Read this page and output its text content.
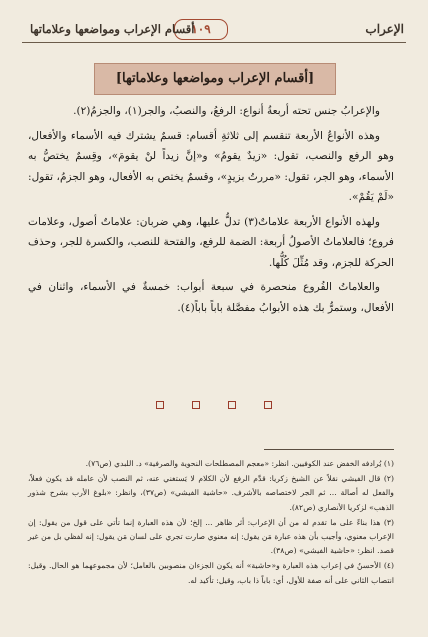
الإعراب
١٠٩
أقسام الإعراب ومواضعها وعلاماتها
[أقسام الإعراب ومواضعها وعلاماتها]

والإعرابُ جنس تحته أربعةُ أنواع: الرفعُ، والنصبُ، والجر(١)، والجزمُ(٢).

وهذه الأنواعُ الأربعة تنقسم إلى ثلاثةِ أقسام: قسمٌ يشترك فيه الأسماء والأفعال، وهو الرفع والنصب، تقول: «زيدٌ يقومُ» و«إنَّ زيداً لنْ يقومَ»، وقِسمٌ يختصُّ به الأسماء، وهو الجر، تقول: «مررتُ بزيدٍ»، وقسمٌ يختص به الأفعال، وهو الجزمُ، تقول: «لَمْ يَقُمْ».

ولهذه الأنواع الأربعة علاماتٌ(٣) تدلُّ عليها، وهي ضربان: علاماتٌ أصول، وعلامات فروع؛ فالعلاماتُ الأصولُ أربعة: الضمة للرفع، والفتحة للنصب، والكسرة للجر، وحذف الحركة للجزم، وقد مُثِّلَ كُلُّها.

والعلاماتُ الفُروع منحصرة في سبعة أبواب: خمسةٌ في الأسماء، واثنان في الأفعال، وستمرُّ بك هذه الأبوابُ مفصَّلة باباً باباً(٤).

(١) يُرادفه الخفض عند الكوفيين. انظر: «معجم المصطلحات النحوية والصرفية» د. اللبدي (ص٧٦).

(٢) قال الفيشي نقلاً عن الشيخ زكريا: قدَّم الرفع لأن الكلام لا يَستغني عنه، ثم النصب لأن عامله قد يكون فعلاً، والفعل له أصالة ... ثم الجر لاختصاصه بالأشرف. «حاشية الفيشي» (ص٣٧)، وانظر: «بلوغ الأرب بشرح شذور الذهب» لزكريا الأنصاري (ص٨٢).

(٣) هذا بناءً على ما تقدم له من أن الإعراب: أثر ظاهر ... إلخ؛ لأن هذه العبارة إنما تأتي على قول من يقول: إن الإعراب معنوي، وأجيب بأن هذه عبارة مَن يقول: إنه معنوي صارت تجري على لسان مَن يقول: إنه لفظي بل من غير قصد. انظر: «حاشية الفيشي» (ص٣٨).

(٤) الأحسنُ في إعراب هذه العبارة و«حاشية» أنه يكون الجزءان منصوبين بالعامل؛ لأن مجموعهما هو الحال. وقيل: انتصاب الثاني على أنه صفة للأول، أي: باباً ذا باب، وقيل: تأكيد له.
